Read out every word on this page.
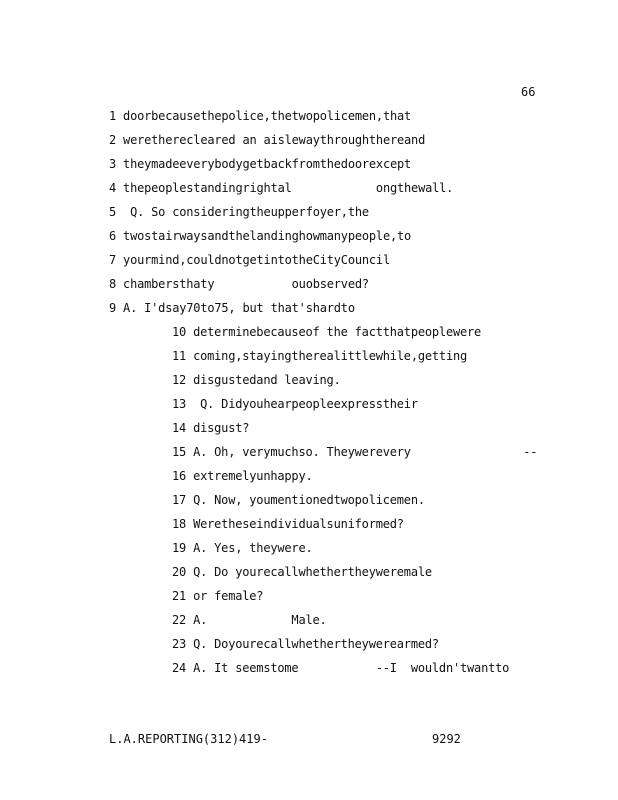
66
1 doorbecausethepolice,thetwopolicemen,that
2 weretherecleared an aislewaythroughthereand
3 theymadeeverybodygetbackfromthedoorexcept
4 thepeoplestandingrightal            ongthewall.
5  Q. So consideringtheupperfoyer,the
6 twostairwaysandthelandinghowmanypeople,to
7 yourmind,couldnotgetintotheCityCouncil
8 chambersthaty           ouobserved?
9 A. I'dsay70to75, but that'shardto
10 determinebecauseof the factthatpeoplewere
11 coming,stayingtherealittlewhile,getting
12 disgustedand leaving.
13  Q. Didyouhearpeopleexpresstheir
14 disgust?
15 A. Oh, verymuchso. Theywerevery                --
16 extremelyunhappy.
17 Q. Now, youmentionedtwopolicemen.
18 Weretheseindividualsuniformed?
19 A. Yes, theywere.
20 Q. Do yourecallwhethertheyweremale
21 or female?
22 A.            Male.
23 Q. Doyourecallwhethertheywerearmed?
24 A. It seemstome           --I  wouldn'twantto
L.A.REPORTING(312)419-	9292
